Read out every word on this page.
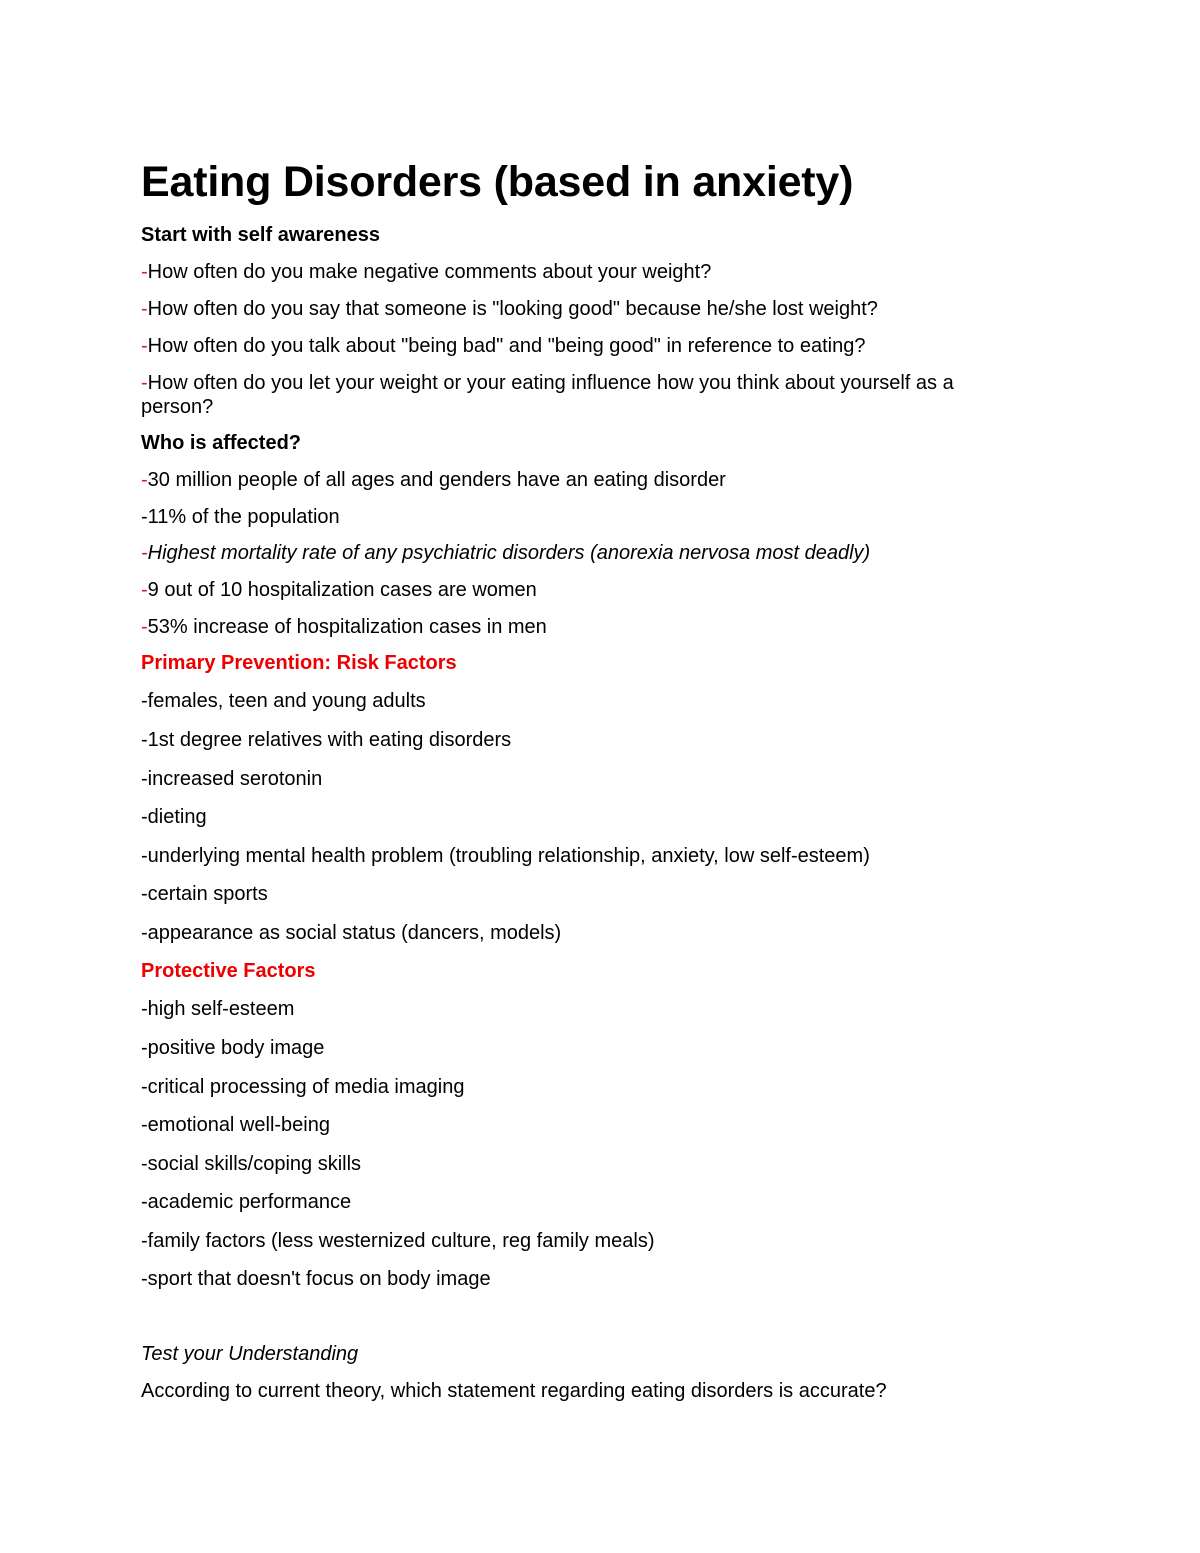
Eating Disorders (based in anxiety)
Start with self awareness
-How often do you make negative comments about your weight?
-How often do you say that someone is "looking good" because he/she lost weight?
-How often do you talk about "being bad" and "being good" in reference to eating?
-How often do you let your weight or your eating influence how you think about yourself as a person?
Who is affected?
-30 million people of all ages and genders have an eating disorder
-11% of the population
-Highest mortality rate of any psychiatric disorders (anorexia nervosa most deadly)
-9 out of 10 hospitalization cases are women
-53% increase of hospitalization cases in men
Primary Prevention: Risk Factors
-females, teen and young adults
-1st degree relatives with eating disorders
-increased serotonin
-dieting
-underlying mental health problem (troubling relationship, anxiety, low self-esteem)
-certain sports
-appearance as social status (dancers, models)
Protective Factors
-high self-esteem
-positive body image
-critical processing of media imaging
-emotional well-being
-social skills/coping skills
-academic performance
-family factors (less westernized culture, reg family meals)
-sport that doesn't focus on body image
Test your Understanding
According to current theory, which statement regarding eating disorders is accurate?
